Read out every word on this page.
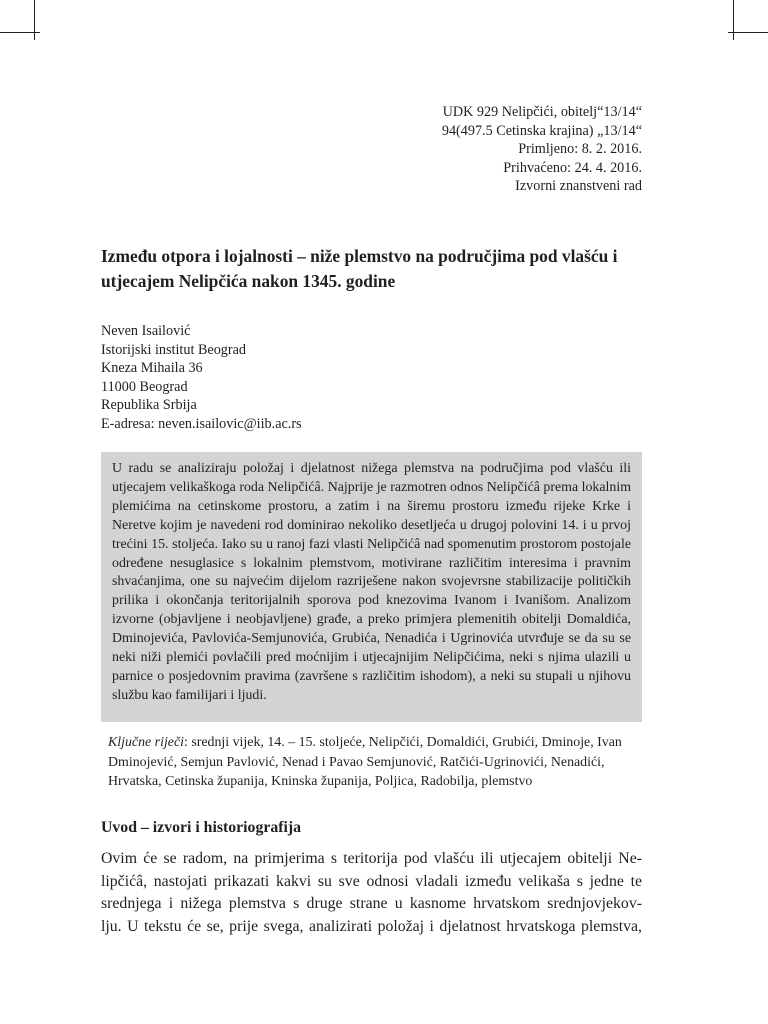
UDK 929 Nelipčići, obitelj“13/14“
94(497.5 Cetinska krajina) „13/14“
Primljeno: 8. 2. 2016.
Prihvaćeno: 24. 4. 2016.
Izvorni znanstveni rad
Između otpora i lojalnosti – niže plemstvo na područjima pod vlašću i utjecajem Nelipčića nakon 1345. godine
Neven Isailović
Istorijski institut Beograd
Kneza Mihaila 36
11000 Beograd
Republika Srbija
E-adresa: neven.isailovic@iib.ac.rs

U radu se analiziraju položaj i djelatnost nižega plemstva na područjima pod vlašću ili utjecajem velikaškoga roda Nelipčićâ. Najprije je razmotren odnos Nelipčićâ prema lokalnim plemićima na cetinskome prostoru, a zatim i na širemu prostoru između rijeke Krke i Neretve kojim je navedeni rod dominirao nekoliko desetljeća u drugoj polovini 14. i u prvoj trećini 15. stoljeća. Iako su u ranoj fazi vlasti Nelipčićâ nad spomenutim prostorom postojale određene nesuglasice s lokalnim plemstvom, motivirane različitim interesima i pravnim shvaćanjima, one su najvećim dijelom razriješene nakon svojevrsne stabilizacije političkih prilika i okončanja teritorijalnih sporova pod knezovima Ivanom i Ivanišom. Analizom izvorne (objavljene i neobjavljene) građe, a preko primjera plemenitih obitelji Domaldića, Dminojevića, Pavlovića-Semjunovića, Grubića, Nenadića i Ugrinovića utvrđuje se da su se neki niži plemići povlačili pred moćnijim i utjecajnijim Nelipčićima, neki s njima ulazili u parnice o posjedovnim pravima (završene s različitim ishodom), a neki su stupali u njihovu službu kao familijari i ljudi.

Ključne riječi: srednji vijek, 14. – 15. stoljeće, Nelipčići, Domaldići, Grubići, Dminoje, Ivan Dminojević, Semjun Pavlović, Nenad i Pavao Semjunović, Ratčići-Ugrinovići, Nenadići, Hrvatska, Cetinska županija, Kninska županija, Poljica, Radobilja, plemstvo
Uvod – izvori i historiografija
Ovim će se radom, na primjerima s teritorija pod vlašću ili utjecajem obitelji Ne-
lipčićâ, nastojati prikazati kakvi su sve odnosi vladali između velikaša s jedne te
srednjega i nižega plemstva s druge strane u kasnome hrvatskom srednjovjekov-
lju. U tekstu će se, prije svega, analizirati položaj i djelatnost hrvatskoga plemstva,
